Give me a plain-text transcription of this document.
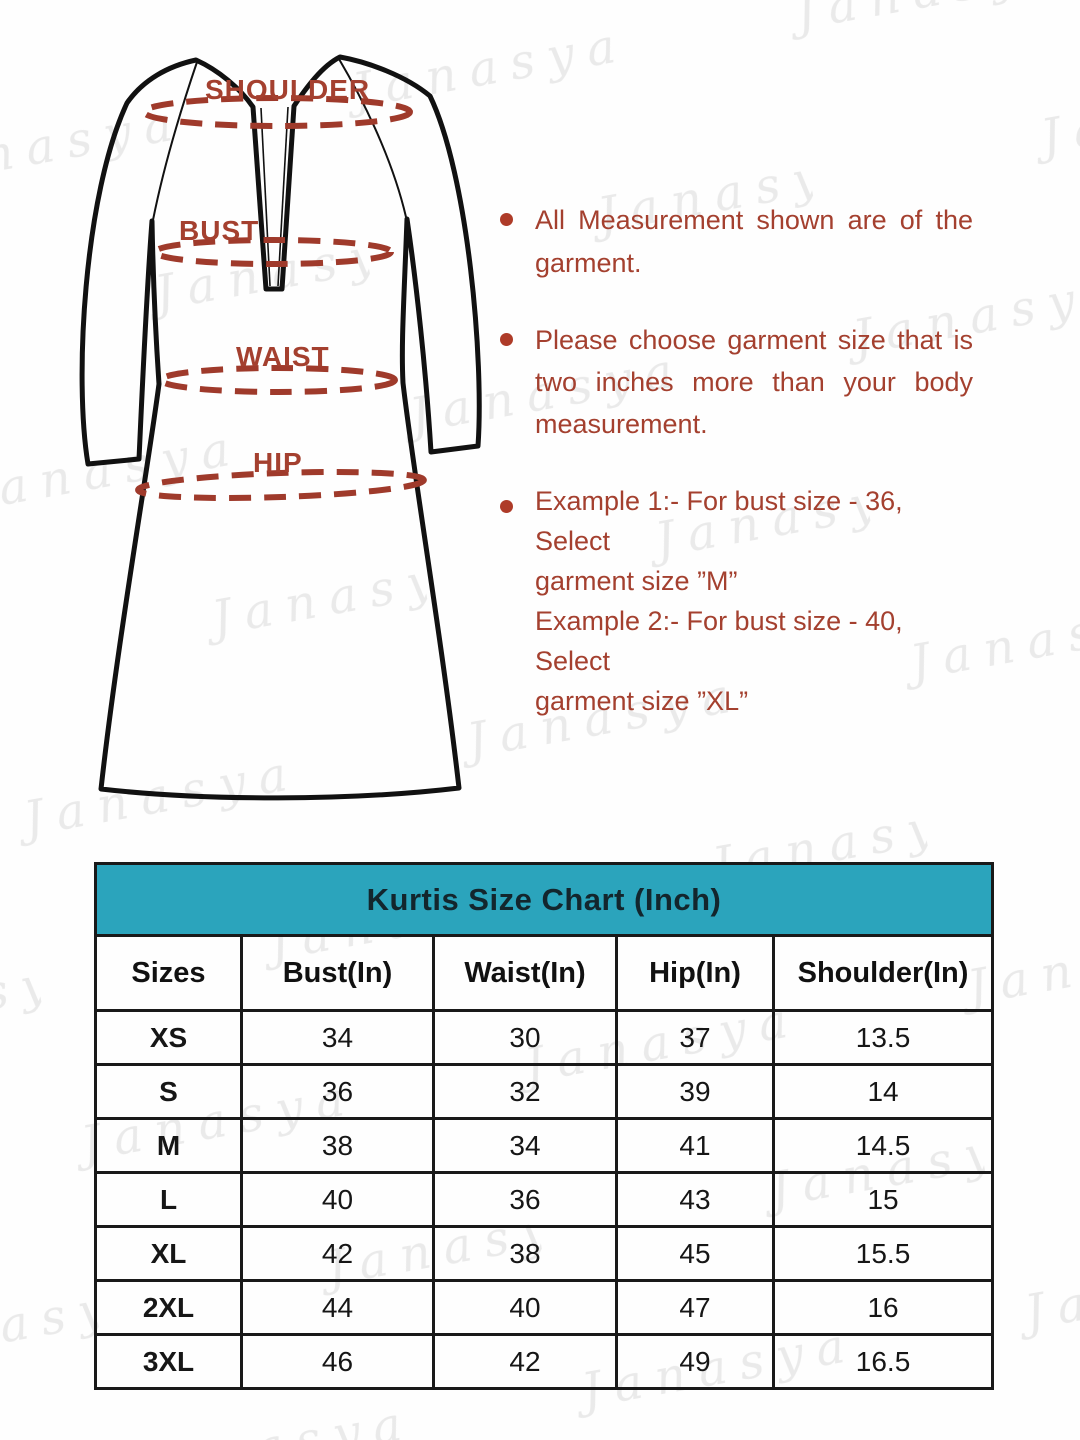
SHOULDER
BUST
WAIST
HIP
All Measurement shown are of the
garment.
Please choose garment size that is
two inches more than your body
measurement.
Example 1:- For bust size - 36, Select
garment size ”M”
Example 2:- For bust size - 40, Select
garment size ”XL”
Kurtis Size Chart (Inch)				
Sizes	Bust(In)	Waist(In)	Hip(In)	Shoulder(In)
XS	34	30	37	13.5
S	36	32	39	14
M	38	34	41	14.5
L	40	36	43	15
XL	42	38	45	15.5
2XL	44	40	47	16
3XL	46	42	49	16.5
